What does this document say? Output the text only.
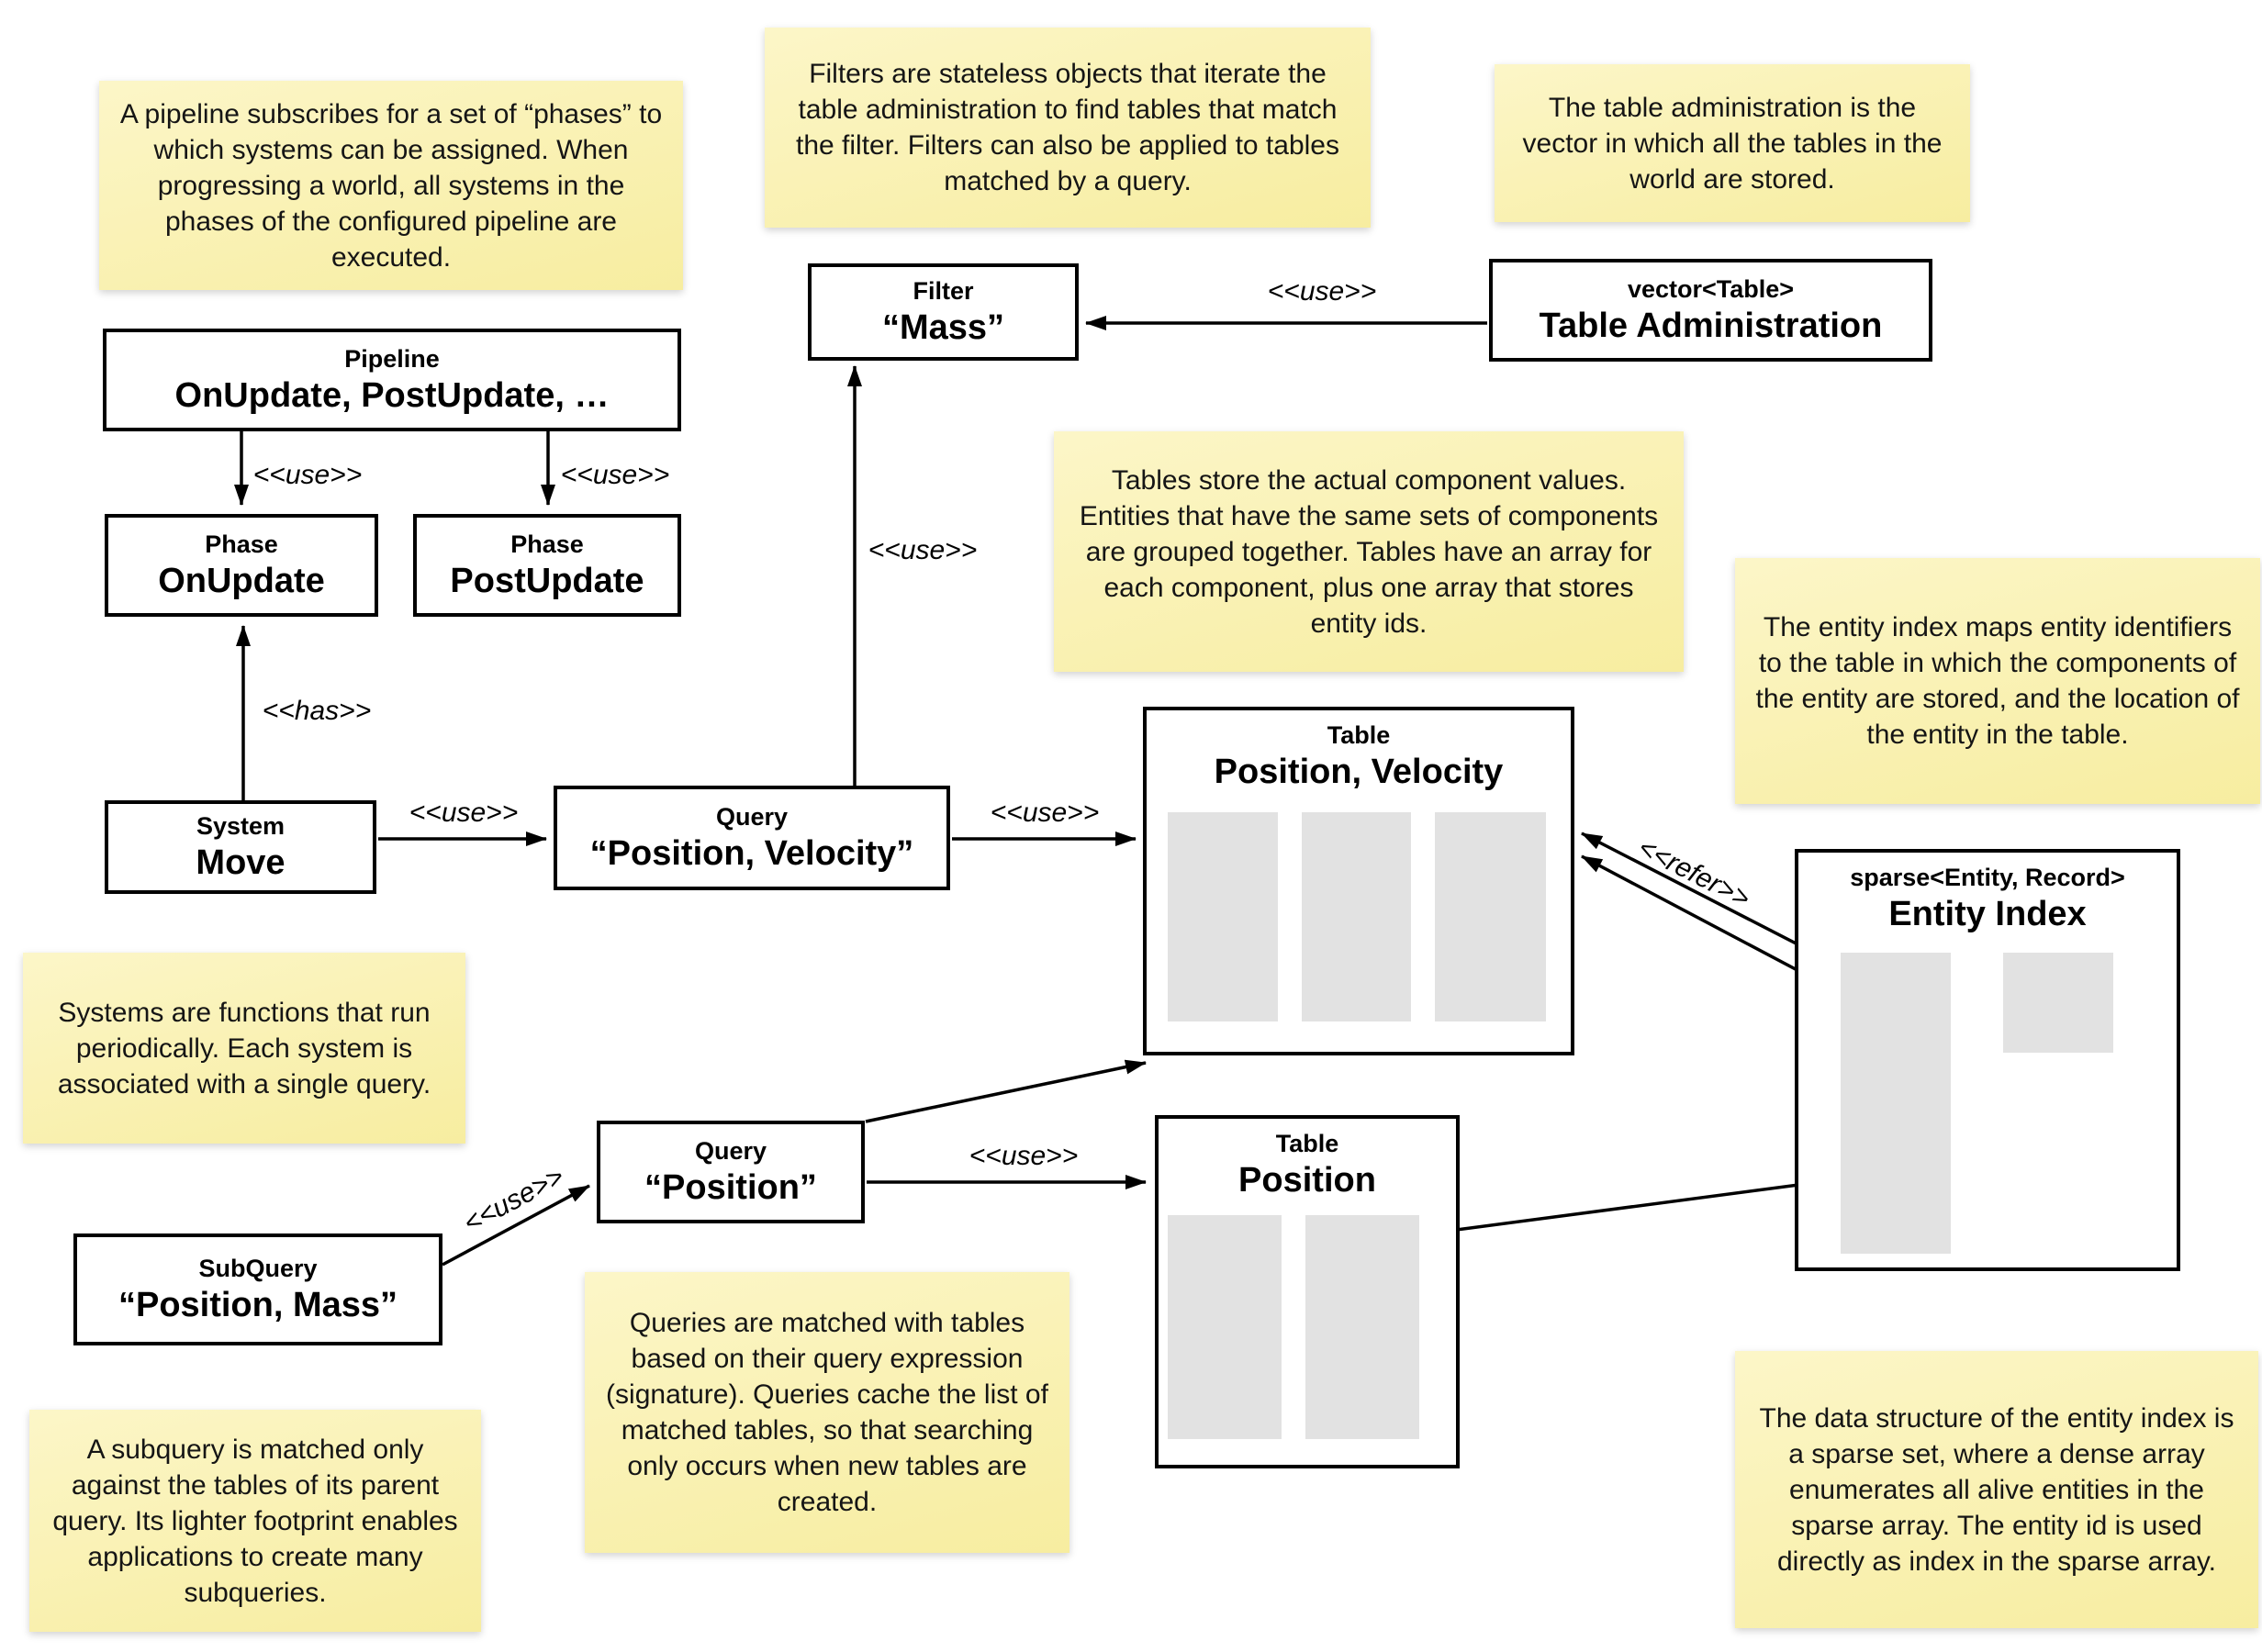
A pipeline subscribes for a set of “phases” to which systems can be assigned. When progressing a world, all systems in the phases of the configured pipeline are executed.
Filters are stateless objects that iterate the table administration to find tables that match the filter. Filters can also be applied to tables matched by a query.
The table administration is the vector in which all the tables in the world are stored.
Tables store the actual component values. Entities that have the same sets of components are grouped together. Tables have an array for each component, plus one array that stores entity ids.	The entity index maps entity identifiers to the table in which the components of the entity are stored, and the location of the entity in the table.
Systems are functions that run periodically. Each system is associated with a single query.
Queries are matched with tables based on their query expression (signature). Queries cache the list of matched tables, so that searching only occurs when new tables are created.
A subquery is matched only against the tables of its parent query. Its lighter footprint enables applications to create many subqueries.
The data structure of the entity index is a sparse set, where a dense array enumerates all alive entities in the sparse array. The entity id is used directly as index in the sparse array.
Pipeline
OnUpdate, PostUpdate, …
Phase
OnUpdate
Phase
PostUpdate
Filter
“Mass”
vector<Table>
Table Administration
System
Move
Query
“Position, Velocity”
Table
Position, Velocity
Table
Position
sparse<Entity, Record>
Entity Index
Query
“Position”
SubQuery
“Position, Mass”
<<use>>	<<use>>
<<has>>
<<use>>
<<use>>
<<use>>
<<use>>
<<use>>
<<use>>
<<refer>>
